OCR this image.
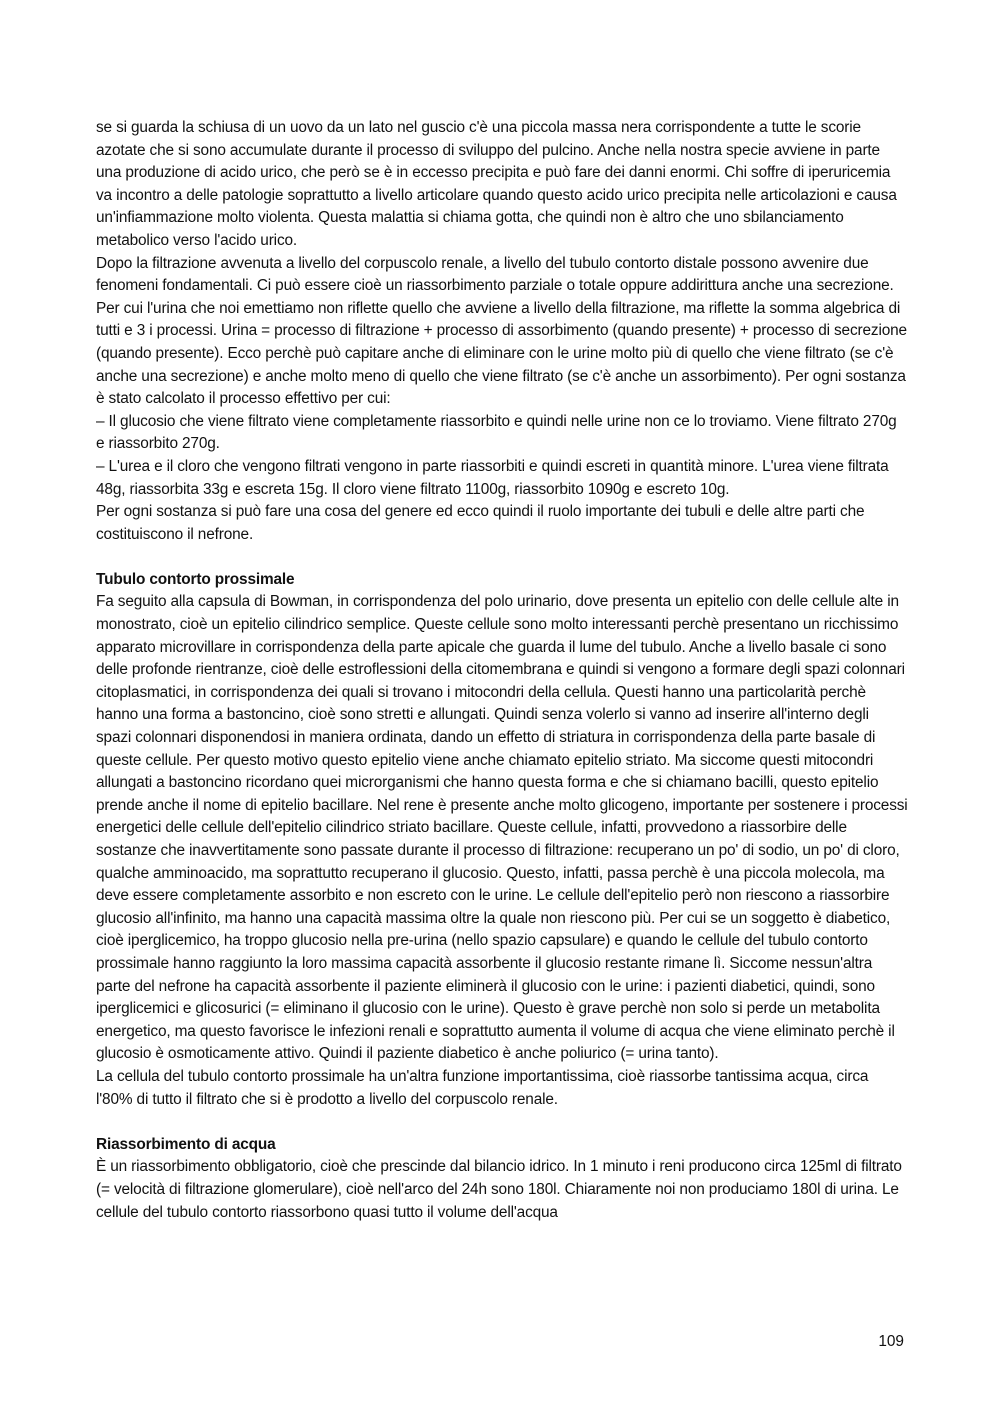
se si guarda la schiusa di un uovo da un lato nel guscio c'è una piccola massa nera corrispondente a tutte le scorie azotate che si sono accumulate durante il processo di sviluppo del pulcino. Anche nella nostra specie avviene in parte una produzione di acido urico, che però se è in eccesso precipita e può fare dei danni enormi. Chi soffre di iperuricemia va incontro a delle patologie soprattutto a livello articolare quando questo acido urico precipita nelle articolazioni e causa un'infiammazione molto violenta. Questa malattia si chiama gotta, che quindi non è altro che uno sbilanciamento metabolico verso l'acido urico.

Dopo la filtrazione avvenuta a livello del corpuscolo renale, a livello del tubulo contorto distale possono avvenire due fenomeni fondamentali. Ci può essere cioè un riassorbimento parziale o totale oppure addirittura anche una secrezione. Per cui l'urina che noi emettiamo non riflette quello che avviene a livello della filtrazione, ma riflette la somma algebrica di tutti e 3 i processi. Urina = processo di filtrazione + processo di assorbimento (quando presente) + processo di secrezione (quando presente). Ecco perchè può capitare anche di eliminare con le urine molto più di quello che viene filtrato (se c'è anche una secrezione) e anche molto meno di quello che viene filtrato (se c'è anche un assorbimento). Per ogni sostanza è stato calcolato il processo effettivo per cui:

– Il glucosio che viene filtrato viene completamente riassorbito e quindi nelle urine non ce lo troviamo. Viene filtrato 270g e riassorbito 270g.

– L'urea e il cloro che vengono filtrati vengono in parte riassorbiti e quindi escreti in quantità minore. L'urea viene filtrata 48g, riassorbita 33g e escreta 15g. Il cloro viene filtrato 1100g, riassorbito 1090g e escreto 10g.

Per ogni sostanza si può fare una cosa del genere ed ecco quindi il ruolo importante dei tubuli e delle altre parti che costituiscono il nefrone.

Tubulo contorto prossimale

Fa seguito alla capsula di Bowman, in corrispondenza del polo urinario, dove presenta un epitelio con delle cellule alte in monostrato, cioè un epitelio cilindrico semplice. Queste cellule sono molto interessanti perchè presentano un ricchissimo apparato microvillare in corrispondenza della parte apicale che guarda il lume del tubulo. Anche a livello basale ci sono delle profonde rientranze, cioè delle estroflessioni della citomembrana e quindi si vengono a formare degli spazi colonnari citoplasmatici, in corrispondenza dei quali si trovano i mitocondri della cellula. Questi hanno una particolarità perchè hanno una forma a bastoncino, cioè sono stretti e allungati. Quindi senza volerlo si vanno ad inserire all'interno degli spazi colonnari disponendosi in maniera ordinata, dando un effetto di striatura in corrispondenza della parte basale di queste cellule. Per questo motivo questo epitelio viene anche chiamato epitelio striato. Ma siccome questi mitocondri allungati a bastoncino ricordano quei microrganismi che hanno questa forma e che si chiamano bacilli, questo epitelio prende anche il nome di epitelio bacillare. Nel rene è presente anche molto glicogeno, importante per sostenere i processi energetici delle cellule dell'epitelio cilindrico striato bacillare. Queste cellule, infatti, provvedono a riassorbire delle sostanze che inavvertitamente sono passate durante il processo di filtrazione: recuperano un po' di sodio, un po' di cloro, qualche amminoacido, ma soprattutto recuperano il glucosio. Questo, infatti, passa perchè è una piccola molecola, ma deve essere completamente assorbito e non escreto con le urine. Le cellule dell'epitelio però non riescono a riassorbire glucosio all'infinito, ma hanno una capacità massima oltre la quale non riescono più. Per cui se un soggetto è diabetico, cioè iperglicemico, ha troppo glucosio nella pre-urina (nello spazio capsulare) e quando le cellule del tubulo contorto prossimale hanno raggiunto la loro massima capacità assorbente il glucosio restante rimane lì. Siccome nessun'altra parte del nefrone ha capacità assorbente il paziente eliminerà il glucosio con le urine: i pazienti diabetici, quindi, sono iperglicemici e glicosurici (= eliminano il glucosio con le urine). Questo è grave perchè non solo si perde un metabolita energetico, ma questo favorisce le infezioni renali e soprattutto aumenta il volume di acqua che viene eliminato perchè il glucosio è osmoticamente attivo. Quindi il paziente diabetico è anche poliurico (= urina tanto).

La cellula del tubulo contorto prossimale ha un'altra funzione importantissima, cioè riassorbe tantissima acqua, circa l'80% di tutto il filtrato che si è prodotto a livello del corpuscolo renale.

Riassorbimento di acqua

È un riassorbimento obbligatorio, cioè che prescinde dal bilancio idrico. In 1 minuto i reni producono circa 125ml di filtrato (= velocità di filtrazione glomerulare), cioè nell'arco del 24h sono 180l. Chiaramente noi non produciamo 180l di urina. Le cellule del tubulo contorto riassorbono quasi tutto il volume dell'acqua

109
